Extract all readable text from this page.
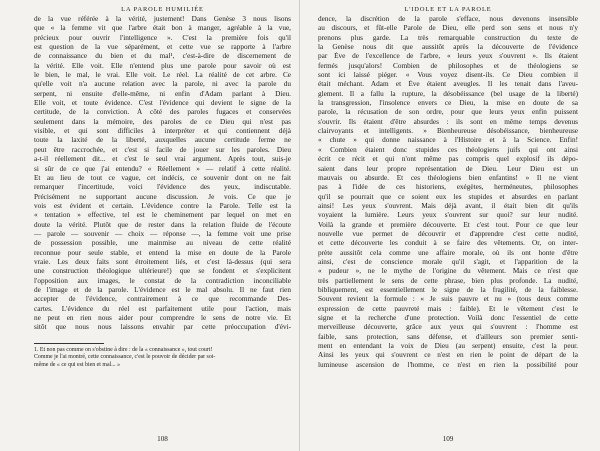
LA PAROLE HUMILIÉE
de la vue référée à la vérité, justement! Dans Genèse 3 nous lisons
que « la femme vit que l'arbre était bon à manger, agréable à la vue,
précieux pour ouvrir l'intelligence ». C'est la première fois qu'il
est question de la vue séparément, et cette vue se rapporte à l'arbre
de connaissance du bien et du mal¹, c'est-à-dire de discernement de
la vérité. Elle voit. Elle n'entend plus une parole pour savoir où est
le bien, le mal, le vrai. Elle voit. Le réel. La réalité de cet arbre. Ce
qu'elle voit n'a aucune relation avec la parole, ni avec la parole du
serpent, ni ensuite d'elle-même, ni enfin d'Adam parlant à Dieu.
Elle voit, et toute évidence. C'est l'évidence qui devient le signe de la
certitude, de la conviction. À côté des paroles fugaces et conservées
seulement dans la mémoire, des paroles de ce Dieu qui n'est pas
visible, et qui sont difficiles à interpréter et qui contiennent déjà
toute la laxité de la liberté, auxquelles aucune certitude ferme ne
peut être raccrochée, et c'est si facile de jouer sur les paroles. Dieu
a-t-il réellement dit... et c'est le seul vrai argument. Après tout, suis-je
si sûr de ce que j'ai entendu? « Réellement » — relatif à cette réalité.
Et au lieu de tout ce vague, cet indécis, ce souvenir dont on ne fait
remarquer l'incertitude, voici l'évidence des yeux, indiscutable.
Précisément ne supportant aucune discussion. Je vois. Ce que je
vois est évident et certain. L'évidence contre la Parole. Telle est la
« tentation » effective, tel est le cheminement par lequel on met en
doute la vérité. Plutôt que de rester dans la relation fluide de l'écoute
— parole — souvenir — choix — réponse —, la femme voit une prise
de possession possible, une mainmise au niveau de cette réalité
reconnue pour seule stable, et entend la mise en doute de la Parole
vraie. Les deux faits sont étroitement liés, et c'est là-dessus (qui sera
une construction théologique ultérieure!) que se fondent et s'explicitent
l'opposition aux images, le constat de la contradiction inconciliable
de l'image et de la parole. L'évidence est le mal absolu. Il ne faut rien
accepter de l'évidence, contrairement à ce que recommande Des-
cartes. L'évidence du réel est parfaitement utile pour l'action, mais
ne peut en rien nous aider pour comprendre le sens de notre vie. Et
sitôt que nous nous laissons envahir par cette préoccupation d'évi-
1. Et non pas comme on s'obstine à dire : de la « connaissance », tout court!
Comme je l'ai montré, cette connaissance, c'est le pouvoir de décider par soi-
même de « ce qui est bien et mal... »
108
L'IDOLE ET LA PAROLE
dence, la discrétion de la parole s'efface, nous devenons insensible
au discours, et fût-elle Parole de Dieu, elle perd son sens et nous n'y
prenons plus garde. La très remarquable construction du texte de
la Genèse nous dit que aussitôt après la découverte de l'évidence
par Ève de l'excellence de l'arbre, « leurs yeux s'ouvrent ». Ils étaient
fermés jusqu'alors! Combien de philosophes et de théologiens se
sont ici laissé piéger. « Vous voyez disent-ils. Ce Dieu combien il
était méchant. Adam et Ève étaient aveugles. Il les tenait dans l'aveu-
glement. Il a fallu la rupture, la désobéissance (bel usage de la liberté)
la transgression, l'insolence envers ce Dieu, la mise en doute de sa
parole, la récusation de son ordre, pour que leurs yeux enfin puissent
s'ouvrir. Ils étaient d'être absurdes : ils sont en même temps devenus
clairvoyants et intelligents. » Bienheureuse désobéissance, bienheureuse
« chute » qui donne naissance à l'Histoire et à la Science. Enfin!
« Combien étaient donc stupides ces théologiens juifs qui ont ainsi
écrit ce récit et qui n'ont même pas compris quel explosif ils dépo-
saient dans leur propre représentation de Dieu. Leur Dieu est un
mauvais ou absurde. Et ces théologiens bien enfantins! » Il ne vient
pas à l'idée de ces historiens, exégètes, herméneutes, philosophes
qu'il se pourrait que ce soient eux les stupides et absurdes en parlant
ainsi! Les yeux s'ouvrent. Mais déjà avant, il était bien dit qu'ils
voyaient la lumière. Leurs yeux s'ouvrent sur quoi? sur leur nudité.
Voilà la grande et première découverte. Et c'est tout. Pour ce que leur
nouvelle vue permet de découvrir et d'apprendre c'est cette nudité,
et cette découverte les conduit à se faire des vêtements. Or, on inter-
prète aussitôt cela comme une affaire morale, où ils ont honte d'être
ainsi, c'est de conscience morale qu'il s'agit, et l'apparition de la
« pudeur », ne le mythe de l'origine du vêtement. Mais ce n'est que
très partiellement le sens de cette phrase, bien plus profonde. La nudité,
bibliquement, est essentiellement le signe de la fragilité, de la faiblesse.
Souvent revient la formule : « Je suis pauvre et nu » (tous deux comme
expression de cette pauvreté mais : faible). Et le vêtement c'est le
signe et la recherche d'une protection. Voilà donc l'essentiel de cette
merveilleuse découverte, grâce aux yeux qui s'ouvrent : l'homme est
faible, sans protection, sans défense, et d'ailleurs son premier senti-
ment en entendant la voix de Dieu (au serpent) ensuite, c'est la peur.
Ainsi les yeux qui s'ouvrent ce n'est en rien le point de départ de la
lumineuse ascension de l'homme, ce n'est en rien la possibilité pour
109
